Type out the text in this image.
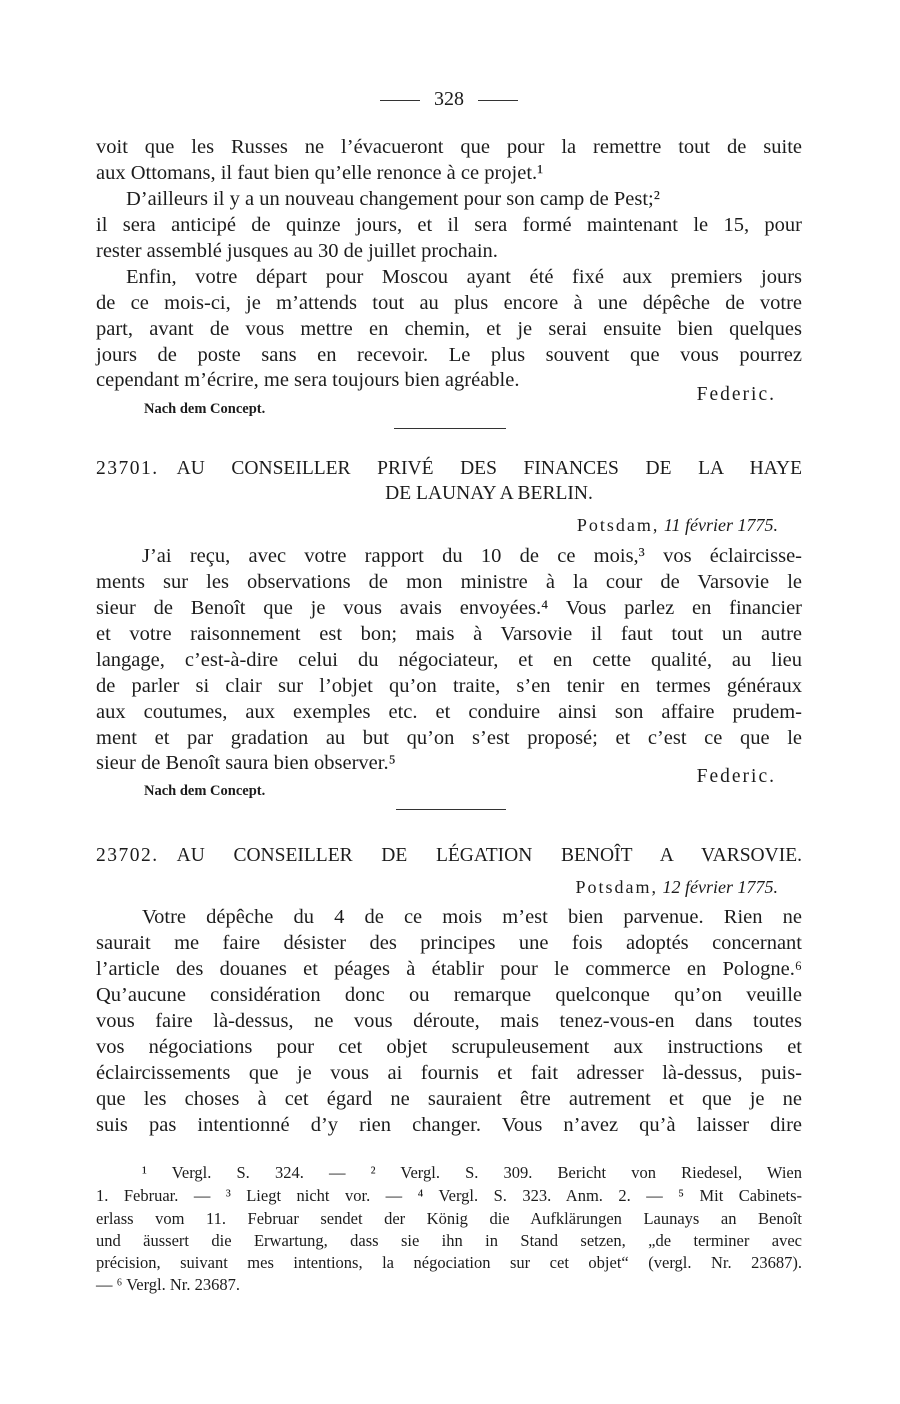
328
voit que les Russes ne l’évacueront que pour la remettre tout de suite
aux Ottomans, il faut bien qu’elle renonce à ce projet.¹
D’ailleurs il y a un nouveau changement pour son camp de Pest;²
il sera anticipé de quinze jours, et il sera formé maintenant le 15, pour
rester assemblé jusques au 30 de juillet prochain.
Enfin, votre départ pour Moscou ayant été fixé aux premiers jours
de ce mois-ci, je m’attends tout au plus encore à une dépêche de votre
part, avant de vous mettre en chemin, et je serai ensuite bien quelques
jours de poste sans en recevoir. Le plus souvent que vous pourrez
cependant m’écrire, me sera toujours bien agréable.
Federic.
Nach dem Concept.
23701. AU CONSEILLER PRIVÉ DES FINANCES DE LA HAYE
DE LAUNAY A BERLIN.
Potsdam, 11 février 1775.
J’ai reçu, avec votre rapport du 10 de ce mois,³ vos éclaircisse-
ments sur les observations de mon ministre à la cour de Varsovie le
sieur de Benoît que je vous avais envoyées.⁴ Vous parlez en financier
et votre raisonnement est bon; mais à Varsovie il faut tout un autre
langage, c’est-à-dire celui du négociateur, et en cette qualité, au lieu
de parler si clair sur l’objet qu’on traite, s’en tenir en termes généraux
aux coutumes, aux exemples etc. et conduire ainsi son affaire prudem-
ment et par gradation au but qu’on s’est proposé; et c’est ce que le
sieur de Benoît saura bien observer.⁵
Federic.
Nach dem Concept.
23702. AU CONSEILLER DE LÉGATION BENOÎT A VARSOVIE.
Potsdam, 12 février 1775.
Votre dépêche du 4 de ce mois m’est bien parvenue. Rien ne
saurait me faire désister des principes une fois adoptés concernant
l’article des douanes et péages à établir pour le commerce en Pologne.⁶
Qu’aucune considération donc ou remarque quelconque qu’on veuille
vous faire là-dessus, ne vous déroute, mais tenez-vous-en dans toutes
vos négociations pour cet objet scrupuleusement aux instructions et
éclaircissements que je vous ai fournis et fait adresser là-dessus, puis-
que les choses à cet égard ne sauraient être autrement et que je ne
suis pas intentionné d’y rien changer. Vous n’avez qu’à laisser dire
¹ Vergl. S. 324. — ² Vergl. S. 309. Bericht von Riedesel, Wien
1. Februar. — ³ Liegt nicht vor. — ⁴ Vergl. S. 323. Anm. 2. — ⁵ Mit Cabinets-
erlass vom 11. Februar sendet der König die Aufklärungen Launays an Benoît
und äussert die Erwartung, dass sie ihn in Stand setzen, „de terminer avec
précision, suivant mes intentions, la négociation sur cet objet“ (vergl. Nr. 23687).
— ⁶ Vergl. Nr. 23687.
